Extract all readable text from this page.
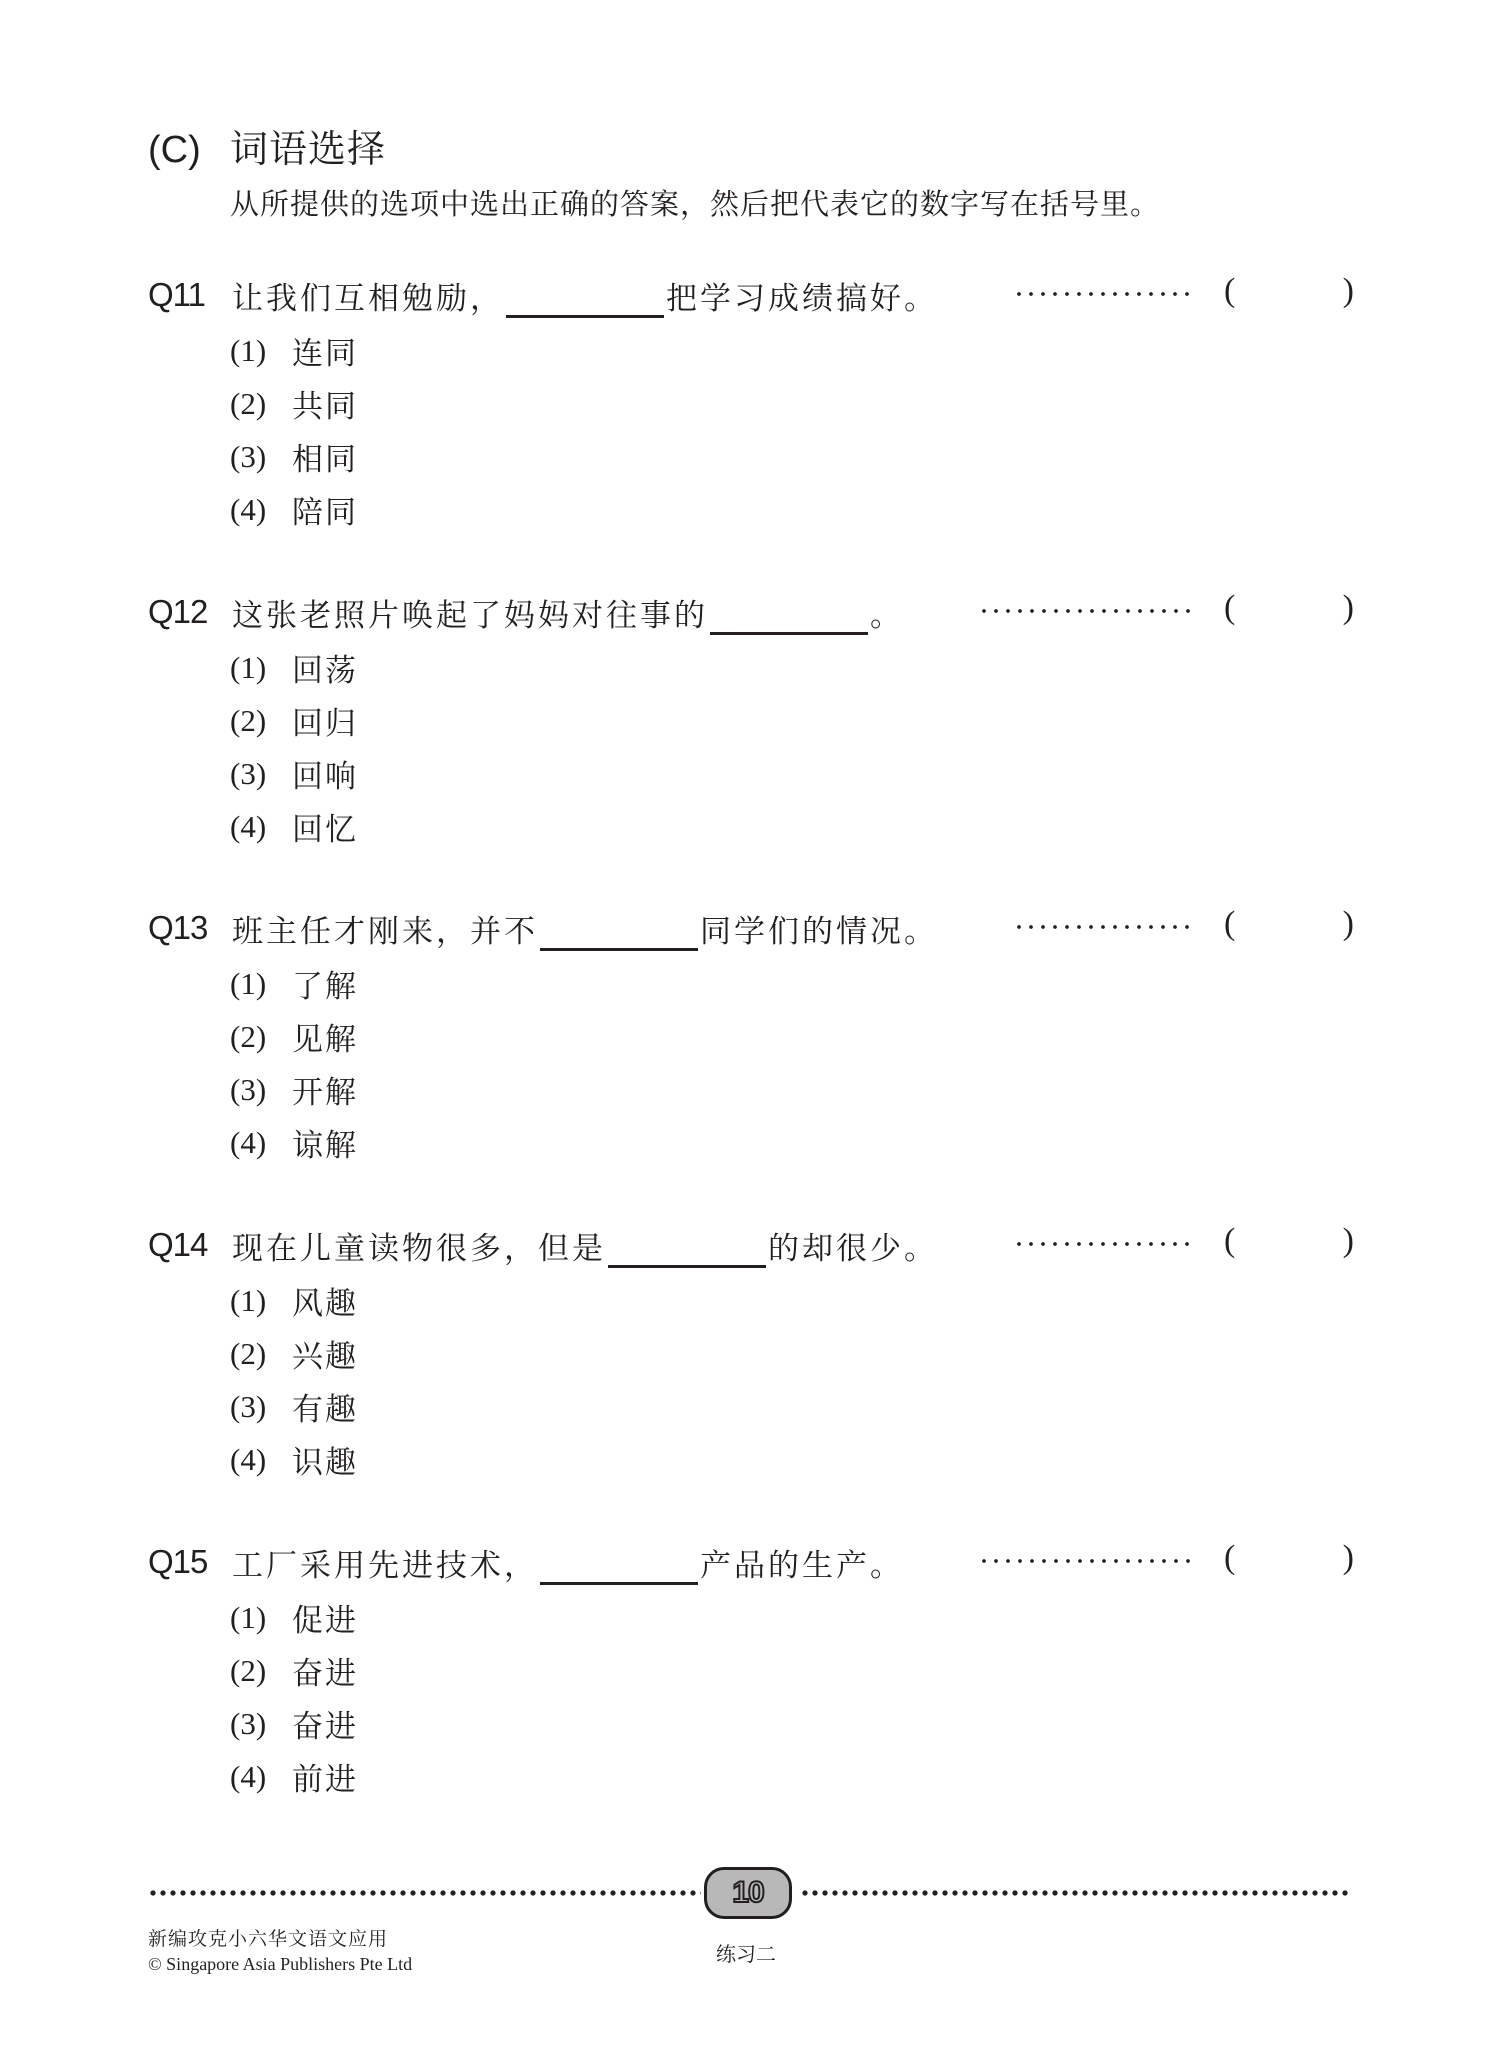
(C) 词语选择
从所提供的选项中选出正确的答案，然后把代表它的数字写在括号里。
Q11 让我们互相勉励，	把学习成绩搞好。	(	)
(1) 连同
(2) 共同
(3) 相同
(4) 陪同
Q12 这张老照片唤起了妈妈对往事的	。	(	)
(1) 回荡
(2) 回归
(3) 回响
(4) 回忆
Q13 班主任才刚来，并不	同学们的情况。	(	)
(1) 了解
(2) 见解
(3) 开解
(4) 谅解
Q14 现在儿童读物很多，但是	的却很少。	(	)
(1) 风趣
(2) 兴趣
(3) 有趣
(4) 识趣
Q15 工厂采用先进技术，	产品的生产。	(	)
(1) 促进
(2) 奋进
(3) 奋进
(4) 前进
10
新编攻克小六华文语文应用
© Singapore Asia Publishers Pte Ltd	练习二
